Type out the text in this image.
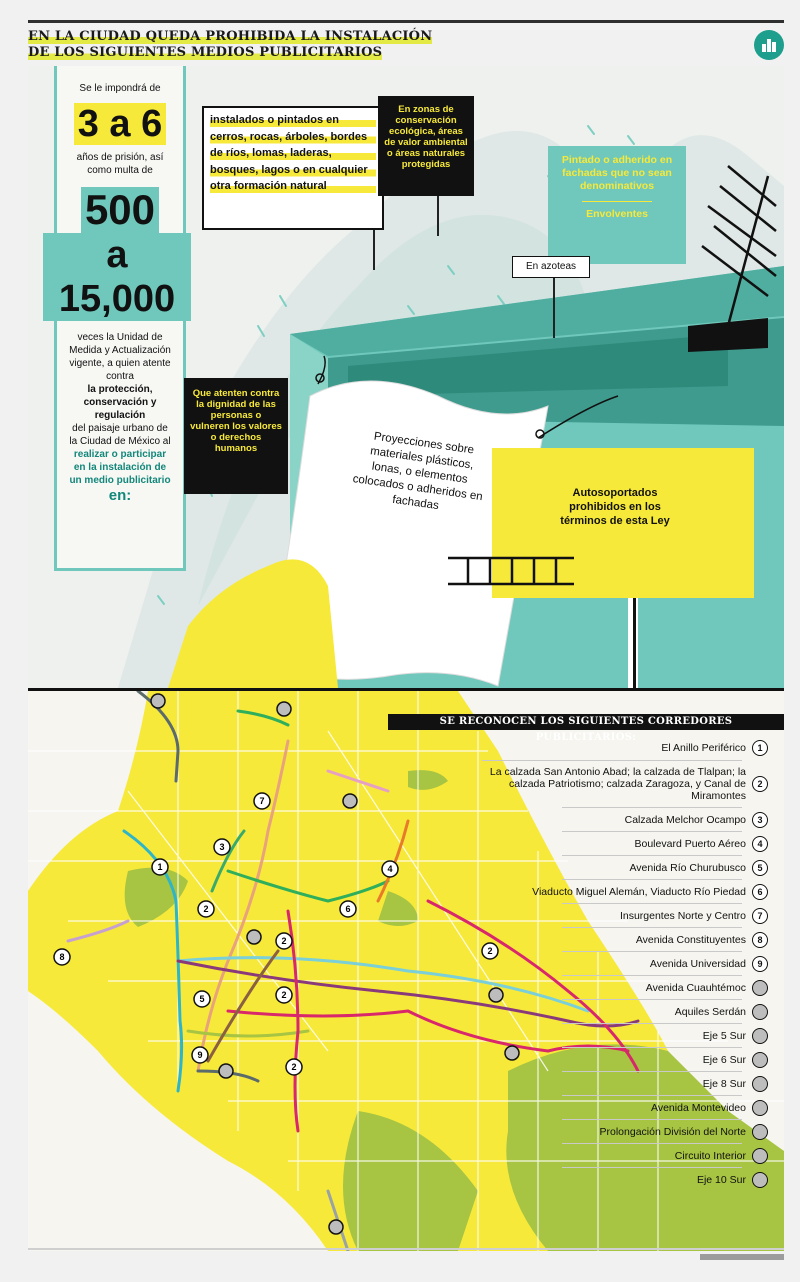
EN LA CIUDAD QUEDA PROHIBIDA LA INSTALACIÓN
DE LOS SIGUIENTES MEDIOS PUBLICITARIOS
Se le impondrá de
3 a 6
años de prisión, así como multa de
500 a 15,000
veces la Unidad de Medida y Actualización vigente, a quien atente contra
la protección, conservación y regulación
del paisaje urbano de la Ciudad de México al
realizar o participar en la instalación de un medio publicitario
en:
instalados o pintados en cerros, rocas, árboles, bordes de ríos, lomas, laderas, bosques, lagos o en cualquier otra formación natural
En zonas de conservación ecológica, áreas de valor ambiental o áreas naturales protegidas	Pintado o adherido en fachadas que no sean denominativos
Envolventes
En azoteas
Que atenten contra la dignidad de las personas o vulneren los valores o derechos humanos	Proyecciones sobre materiales plásticos, lonas, o elementos colocados o adheridos en fachadas
Autosoportados prohibidos en los términos de esta Ley
1
2
2
2
2
2
3
4
5
6
7
8
9
SE RECONOCEN LOS SIGUIENTES CORREDORES PUBLICITARIOS:
El Anillo Periférico 1
La calzada San Antonio Abad; la calzada de Tlalpan; la calzada Patriotismo; calzada Zaragoza, y Canal de Miramontes2
Calzada Melchor Ocampo 3
Boulevard Puerto Aéreo 4
Avenida Río Churubusco 5
Viaducto Miguel Alemán, Viaducto Río Piedad 6
Insurgentes Norte y Centro 7
Avenida Constituyentes 8
Avenida Universidad 9
Avenida Cuauhtémoc
Aquiles Serdán
Eje 5 Sur
Eje 6 Sur
Eje 8 Sur
Avenida Montevideo
Prolongación División del Norte
Circuito Interior
Eje 10 Sur
